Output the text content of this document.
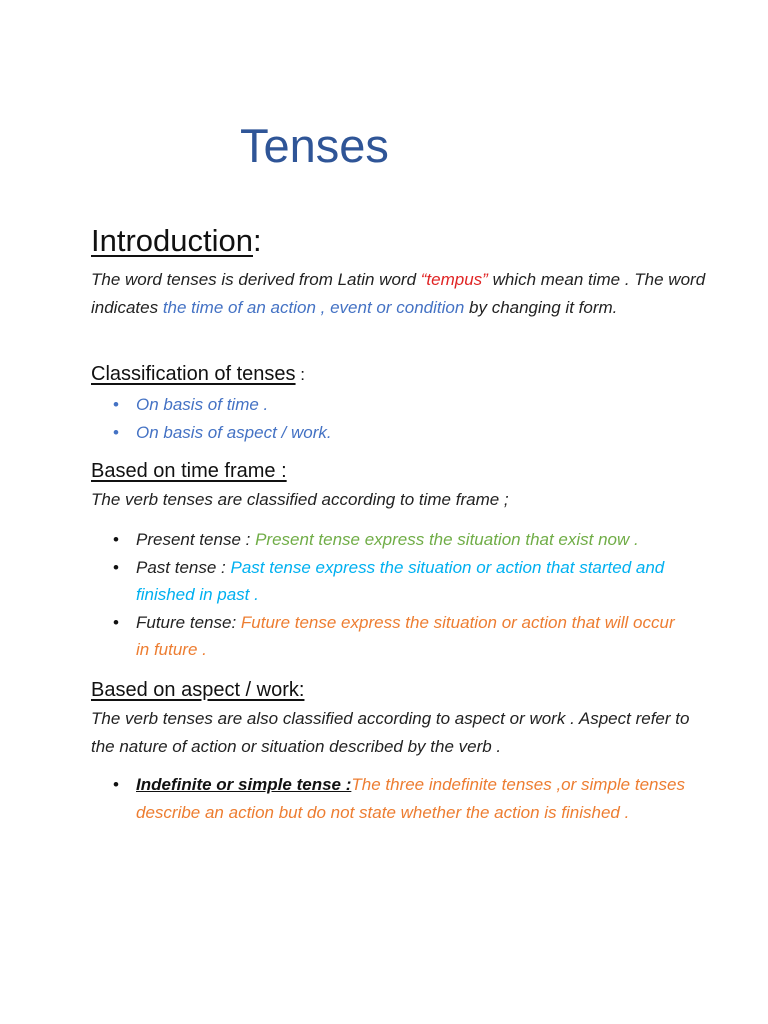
Tenses
Introduction:

The word tenses is derived from Latin word “tempus” which mean time . The word indicates the time of an action , event or condition by changing it form.

Classification of tenses :
• On basis of time .
• On basis of aspect / work.
Based on time frame :

The verb tenses are classified according to time frame ;

• Present tense : Present tense express the situation that exist now .
• Past tense : Past tense express the situation or action that started and finished in past .
• Future tense: Future tense express the situation or action that will occur in future .
Based on aspect / work:

The verb tenses are also classified according to aspect or work . Aspect refer to the nature of action or situation described by the verb .

• Indefinite or simple tense :The three indefinite tenses ,or simple tenses describe an action but do not state whether the action is finished .
